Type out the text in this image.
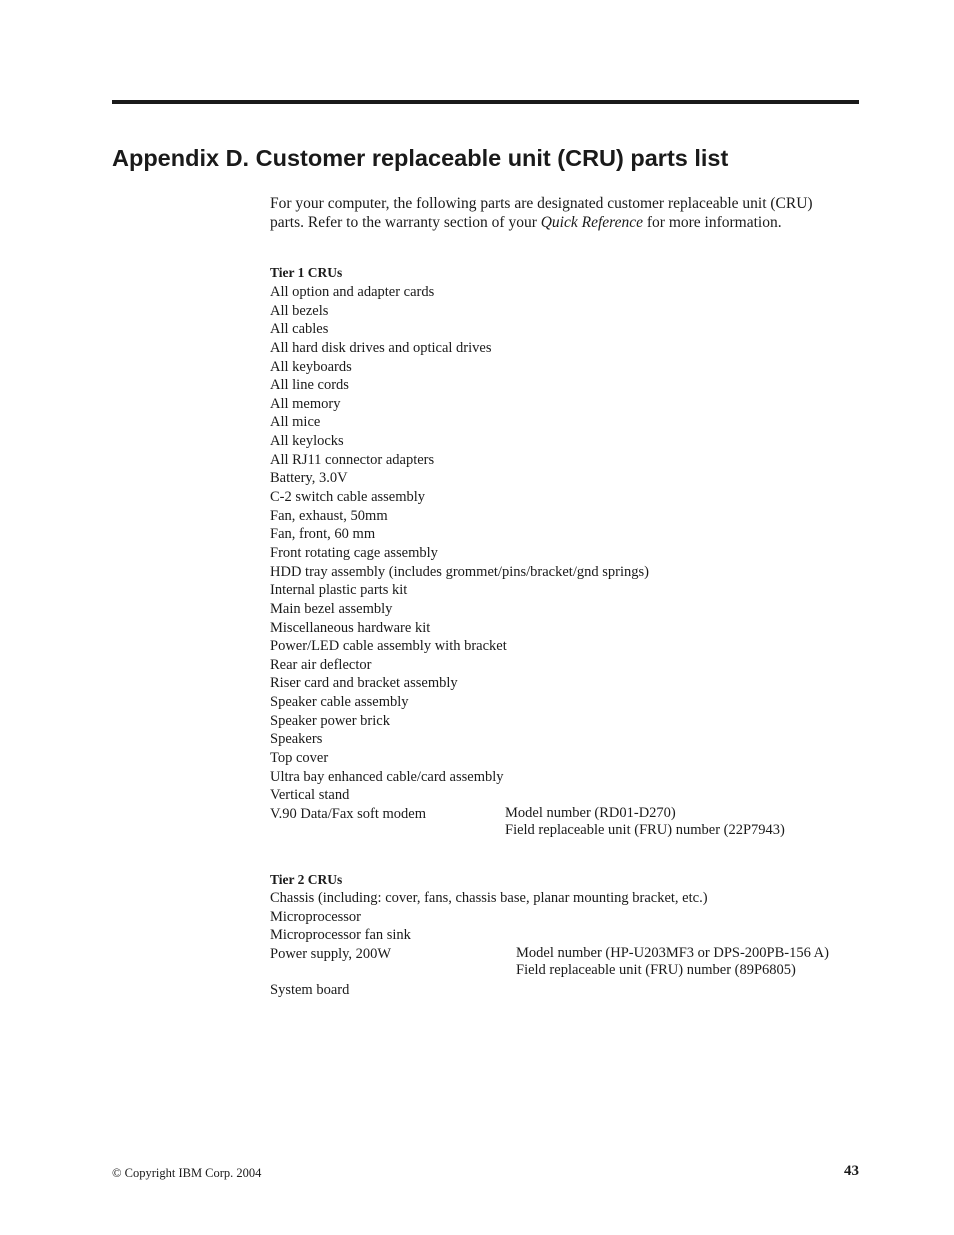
Appendix D. Customer replaceable unit (CRU) parts list

For your computer, the following parts are designated customer replaceable unit (CRU) parts. Refer to the warranty section of your Quick Reference for more information.

Tier 1 CRUs
All option and adapter cards
All bezels
All cables
All hard disk drives and optical drives
All keyboards
All line cords
All memory
All mice
All keylocks
All RJ11 connector adapters
Battery, 3.0V
C-2 switch cable assembly
Fan, exhaust, 50mm
Fan, front, 60 mm
Front rotating cage assembly
HDD tray assembly (includes grommet/pins/bracket/gnd springs)
Internal plastic parts kit
Main bezel assembly
Miscellaneous hardware kit
Power/LED cable assembly with bracket
Rear air deflector
Riser card and bracket assembly
Speaker cable assembly
Speaker power brick
Speakers
Top cover
Ultra bay enhanced cable/card assembly
Vertical stand
V.90 Data/Fax soft modem	Model number (RD01-D270)
Field replaceable unit (FRU) number (22P7943)
Tier 2 CRUs
Chassis (including: cover, fans, chassis base, planar mounting bracket, etc.)
Microprocessor
Microprocessor fan sink
Power supply, 200W	Model number (HP-U203MF3 or DPS-200PB-156 A)
Field replaceable unit (FRU) number (89P6805)
System board
© Copyright IBM Corp. 2004	43
